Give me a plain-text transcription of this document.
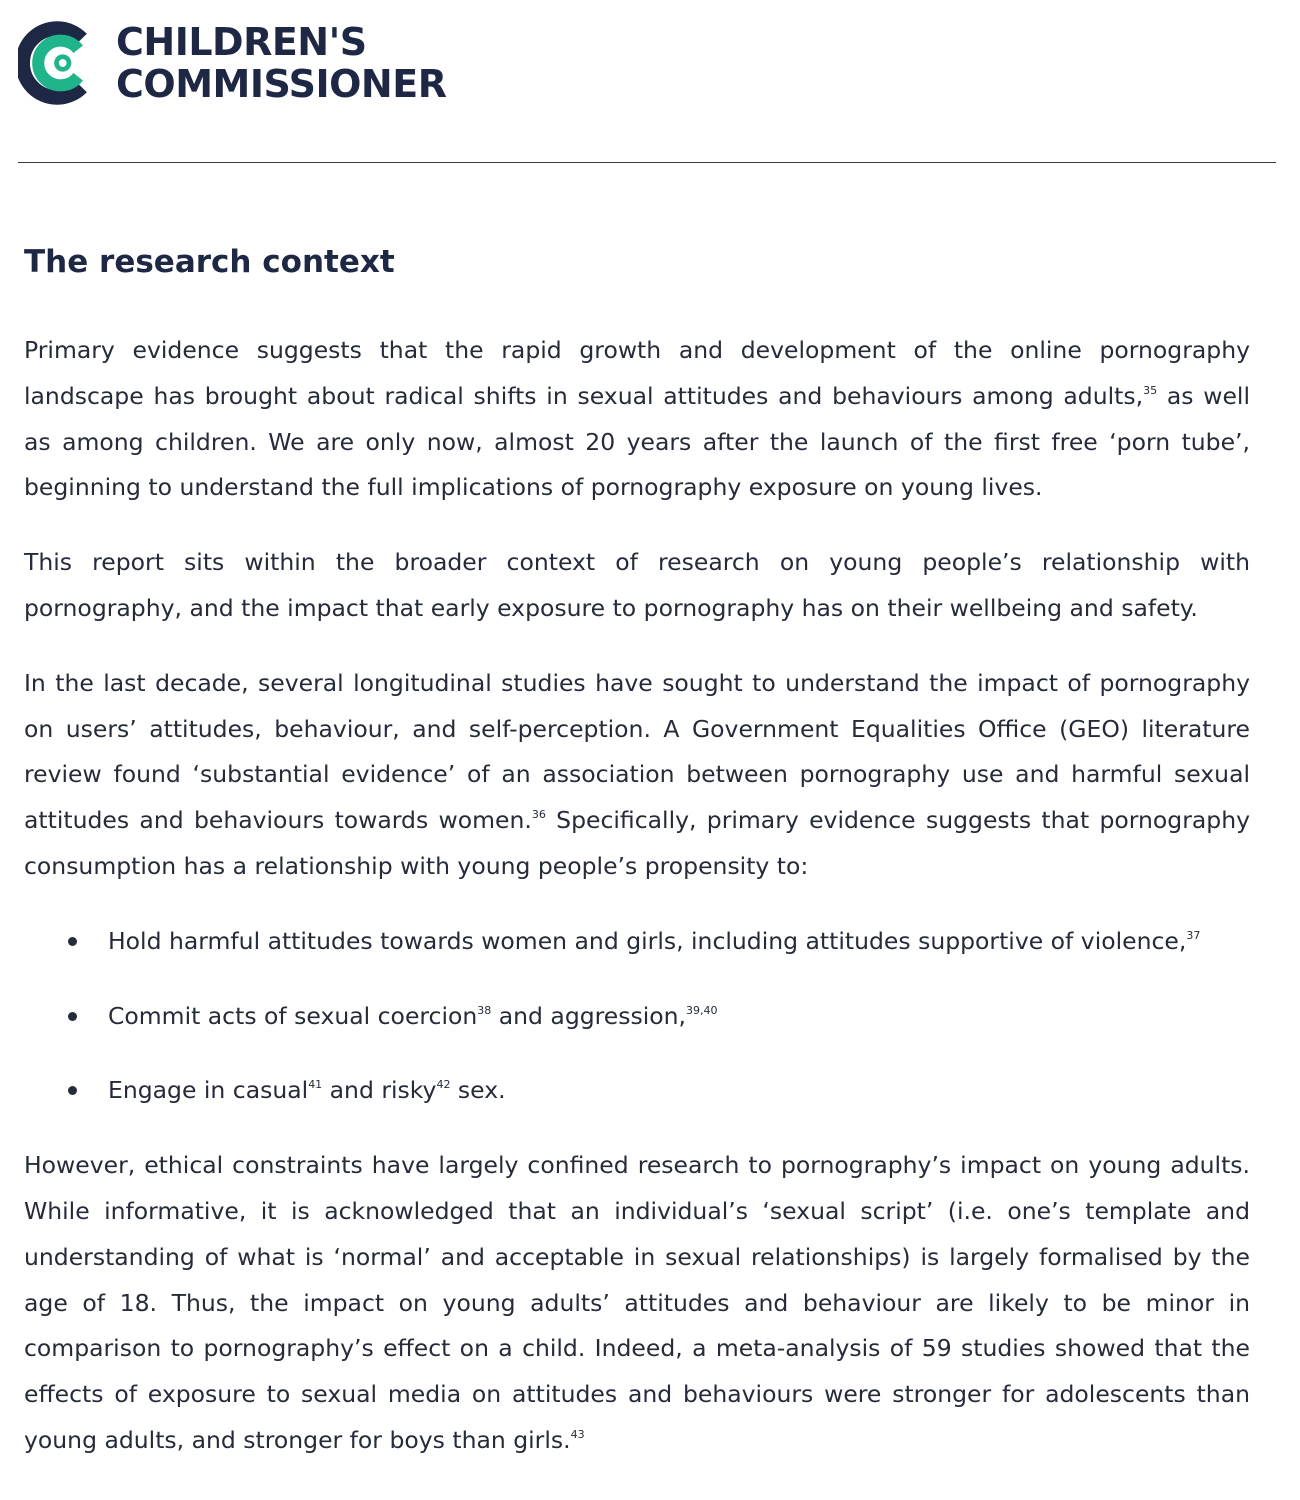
CHILDREN'S
COMMISSIONER
The research context

Primary evidence suggests that the rapid growth and development of the online pornography landscape has brought about radical shifts in sexual attitudes and behaviours among adults,$^{35}$ as well as among children. We are only now, almost 20 years after the launch of the first free ‘porn tube’, beginning to understand the full implications of pornography exposure on young lives.

This report sits within the broader context of research on young people’s relationship with pornography, and the impact that early exposure to pornography has on their wellbeing and safety.

In the last decade, several longitudinal studies have sought to understand the impact of pornography on users’ attitudes, behaviour, and self-perception. A Government Equalities Office (GEO) literature review found ‘substantial evidence’ of an association between pornography use and harmful sexual attitudes and behaviours towards women.$^{36}$ Specifically, primary evidence suggests that pornography consumption has a relationship with young people’s propensity to:

Hold harmful attitudes towards women and girls, including attitudes supportive of violence,$^{37}$
Commit acts of sexual coercion$^{38}$ and aggression,$^{39,40}$
Engage in casual$^{41}$ and risky$^{42}$ sex.

However, ethical constraints have largely confined research to pornography’s impact on young adults. While informative, it is acknowledged that an individual’s ‘sexual script’ (i.e. one’s template and understanding of what is ‘normal’ and acceptable in sexual relationships) is largely formalised by the age of 18. Thus, the impact on young adults’ attitudes and behaviour are likely to be minor in comparison to pornography’s effect on a child. Indeed, a meta-analysis of 59 studies showed that the effects of exposure to sexual media on attitudes and behaviours were stronger for adolescents than young adults, and stronger for boys than girls.$^{43}$
